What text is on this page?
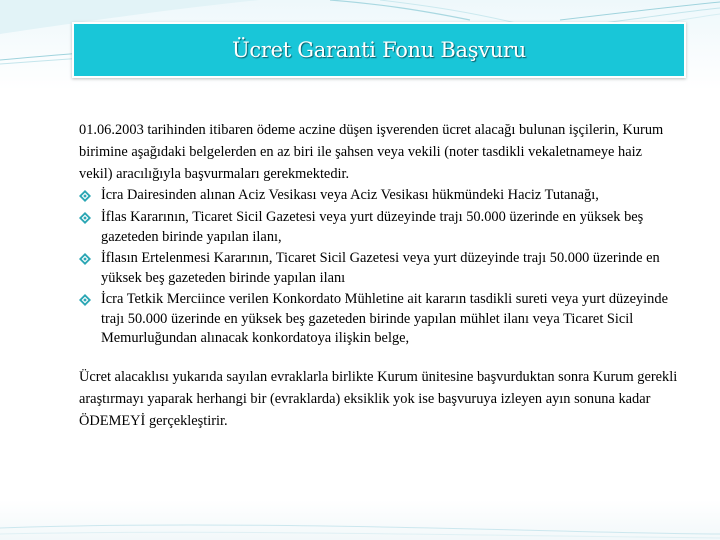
Ücret Garanti Fonu Başvuru

01.06.2003 tarihinden itibaren ödeme aczine düşen işverenden ücret alacağı bulunan işçilerin, Kurum birimine aşağıdaki belgelerden en az biri ile şahsen veya vekili (noter tasdikli vekaletnameye haiz vekil) aracılığıyla başvurmaları gerekmektedir.

İcra Dairesinden alınan Aciz Vesikası veya Aciz Vesikası hükmündeki Haciz Tutanağı,
İflas Kararının, Ticaret Sicil Gazetesi veya yurt düzeyinde trajı 50.000 üzerinde en yüksek beş gazeteden birinde yapılan ilanı,
İflasın Ertelenmesi Kararının, Ticaret Sicil Gazetesi veya yurt düzeyinde trajı 50.000 üzerinde en yüksek beş gazeteden birinde yapılan ilanı
İcra Tetkik Merciince verilen Konkordato Mühletine ait kararın tasdikli sureti veya yurt düzeyinde trajı 50.000 üzerinde en yüksek beş gazeteden birinde yapılan mühlet ilanı veya Ticaret Sicil Memurluğundan alınacak konkordatoya ilişkin belge,

Ücret alacaklısı yukarıda sayılan evraklarla birlikte Kurum ünitesine başvurduktan sonra Kurum gerekli araştırmayı yaparak herhangi bir (evraklarda) eksiklik yok ise başvuruya izleyen ayın sonuna kadar ÖDEMEYİ gerçekleştirir.
